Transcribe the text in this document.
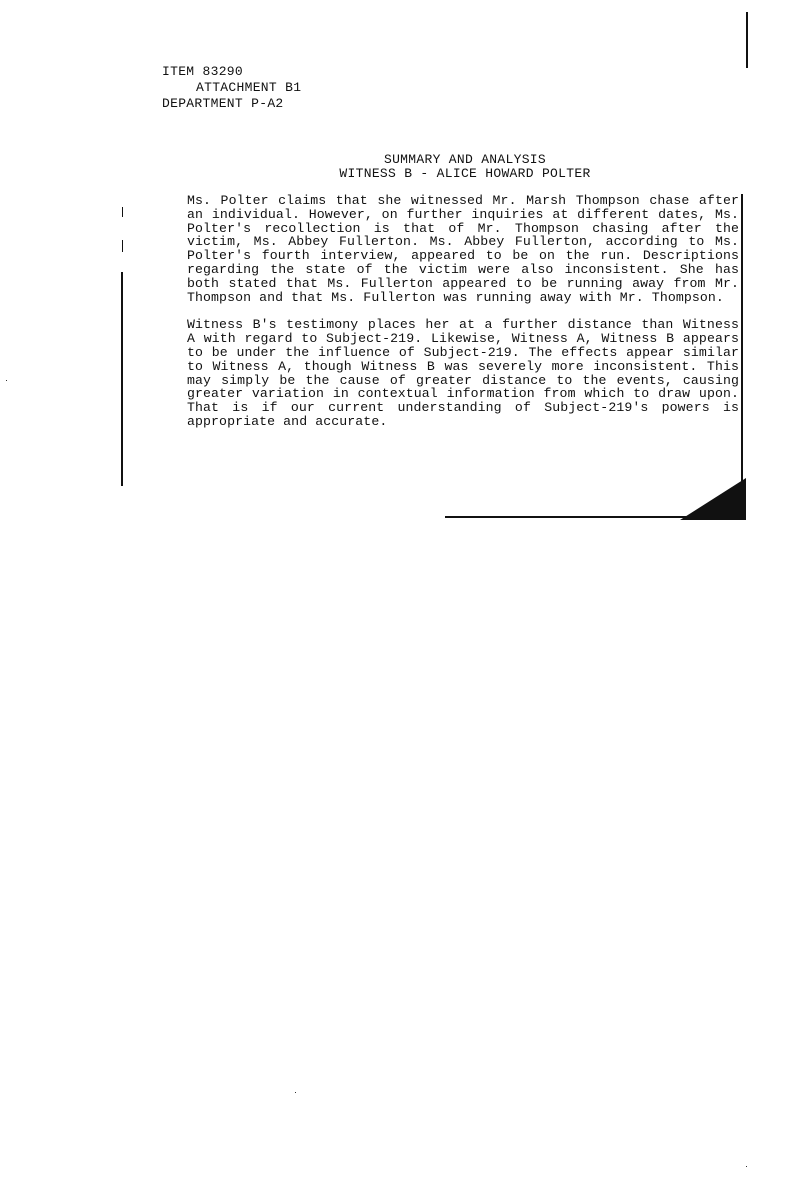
ITEM 83290
ATTACHMENT B1
DEPARTMENT P-A2
SUMMARY AND ANALYSIS
WITNESS B - ALICE HOWARD POLTER

Ms. Polter claims that she witnessed Mr. Marsh Thompson chase after an individual. However, on further inquiries at different dates, Ms. Polter's recollection is that of Mr. Thompson chasing after the victim, Ms. Abbey Fullerton. Ms. Abbey Fullerton, according to Ms. Polter's fourth interview, appeared to be on the run. Descriptions regarding the state of the victim were also inconsistent. She has both stated that Ms. Fullerton appeared to be running away from Mr. Thompson and that Ms. Fullerton was running away with Mr. Thompson.

Witness B's testimony places her at a further distance than Witness A with regard to Subject-219. Likewise, Witness A, Witness B appears to be under the influence of Subject-219. The effects appear similar to Witness A, though Witness B was severely more inconsistent. This may simply be the cause of greater distance to the events, causing greater variation in contextual information from which to draw upon. That is if our current understanding of Subject-219's powers is appropriate and accurate.
